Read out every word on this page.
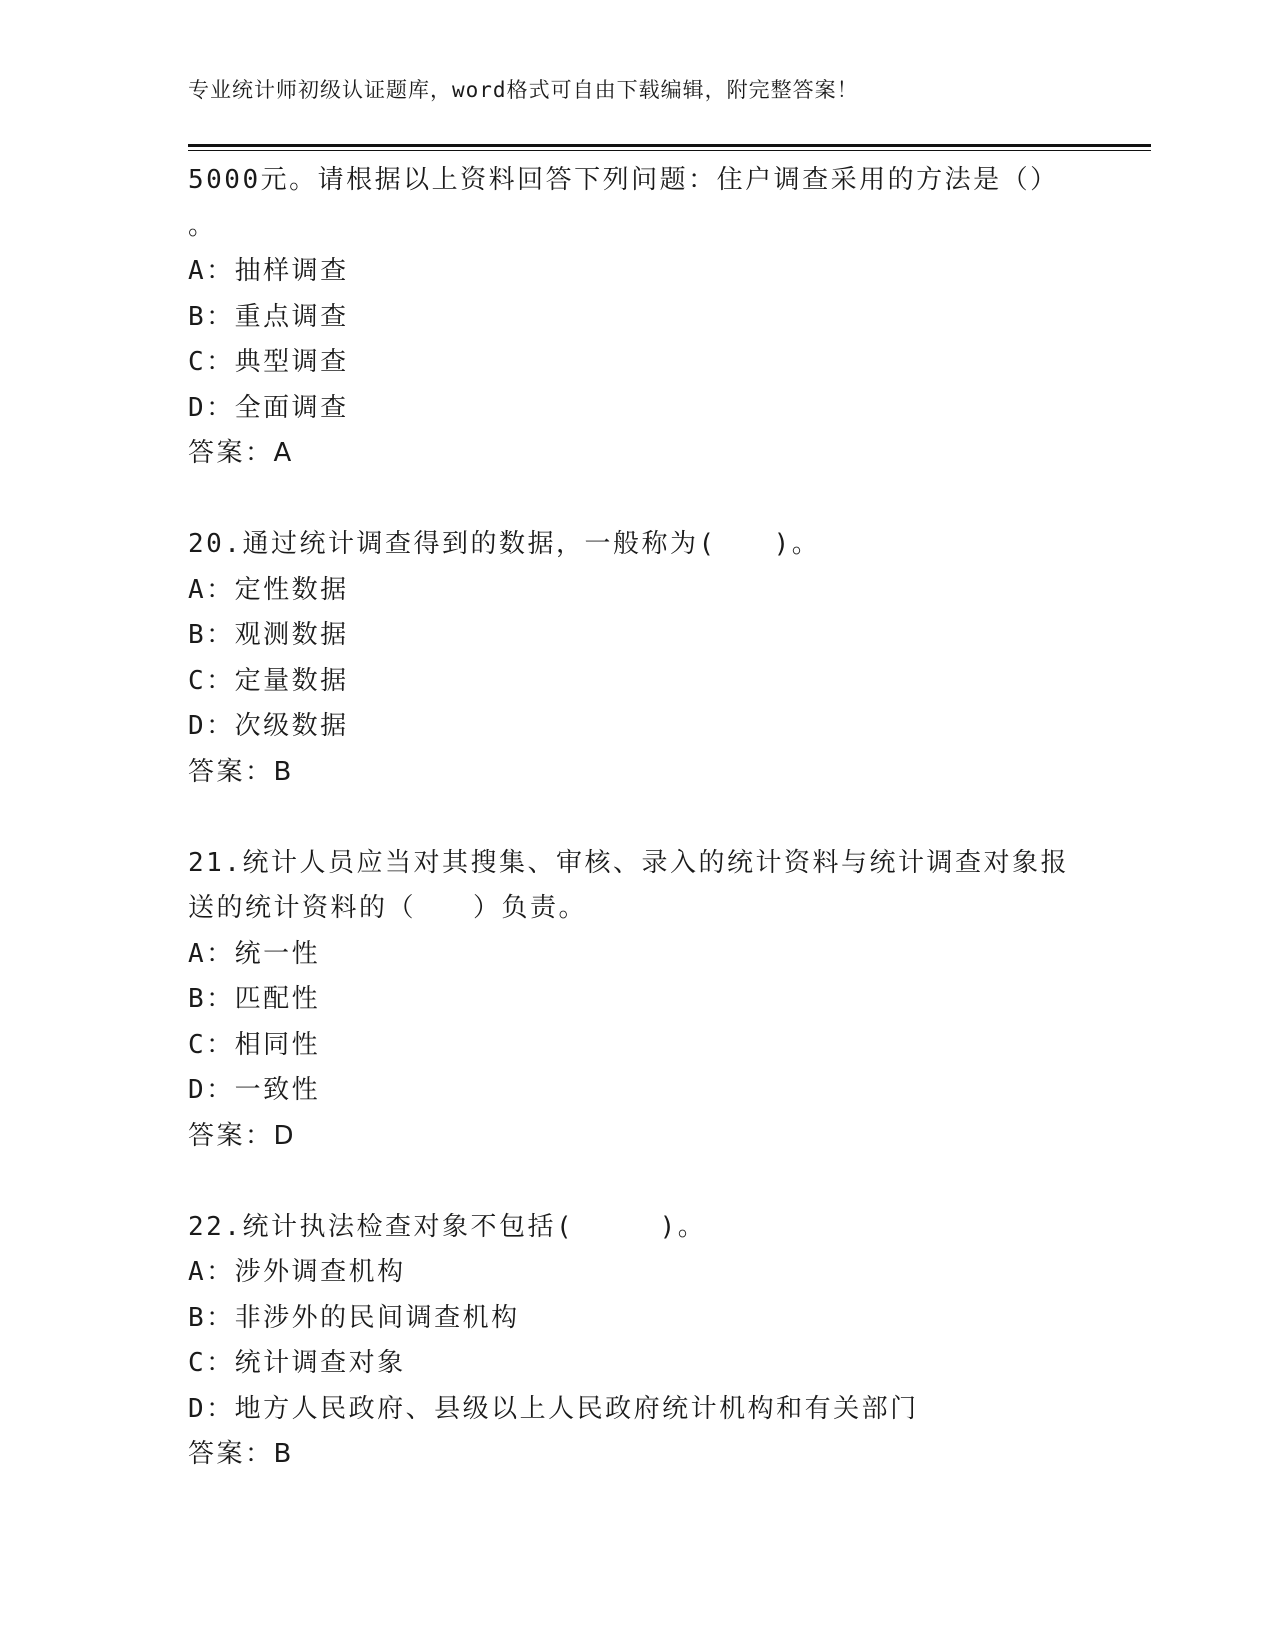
专业统计师初级认证题库，word格式可自由下载编辑，附完整答案！
5000元。请根据以上资料回答下列问题：住户调查采用的方法是（）
。
A：抽样调查
B：重点调查
C：典型调查
D：全面调查
答案：A
20.通过统计调查得到的数据，一般称为(　　)。
A：定性数据
B：观测数据
C：定量数据
D：次级数据
答案：B
21.统计人员应当对其搜集、审核、录入的统计资料与统计调查对象报
送的统计资料的（　　）负责。
A：统一性
B：匹配性
C：相同性
D：一致性
答案：D
22.统计执法检查对象不包括(　　　)。
A：涉外调查机构
B：非涉外的民间调查机构
C：统计调查对象
D：地方人民政府、县级以上人民政府统计机构和有关部门
答案：B
